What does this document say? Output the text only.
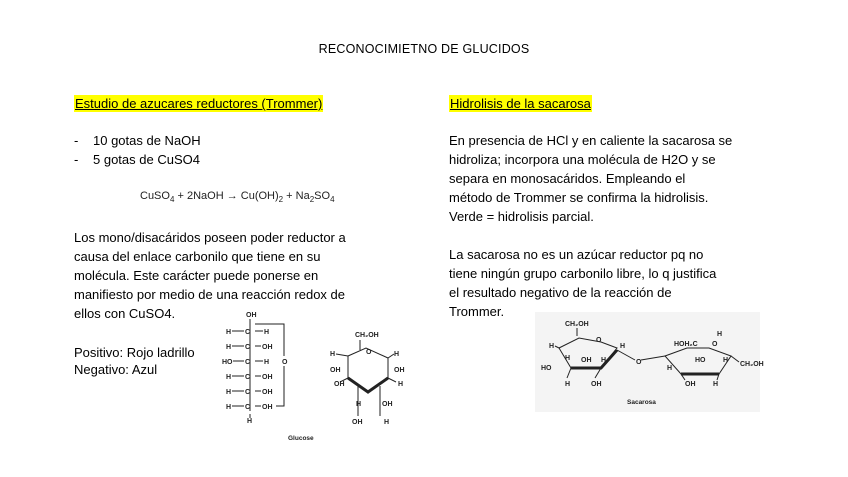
RECONOCIMIETNO DE GLUCIDOS
Estudio de azucares reductores (Trommer)
- 10 gotas de NaOH
- 5 gotas de CuSO4
CuSO$_4$ + 2NaOH → $Cu(OH)_2 + Na_2SO_4$
Los mono/disacáridos poseen poder reductor a
causa del enlace carbonilo que tiene en su
molécula. Este carácter puede ponerse en
manifiesto por medio de una reacción redox de
ellos con CuSO4.
Positivo: Rojo ladrillo
Negativo: Azul
OH
H C H
H C OH
HO C H
H C OH
H C OH
H C OH
H
O
CH₂OH
O
H	H
OH	OH
OH	H
H
OH
OH
H
Glucose
Hidrolisis de la sacarosa
En presencia de HCl y en caliente la sacarosa se
hidroliza; incorpora una molécula de H2O y se
separa en monosacáridos. Empleando el
método de Trommer se confirma la hidrolisis.
Verde = hidrolisis parcial.
La sacarosa no es un azúcar reductor pq no
tiene ningún grupo carbonilo libre, lo q justifica
el resultado negativo de la reacción de
Trommer.
CH₂OH
O
H	H
H
HO
OH H
H	OH
O
HOH₂C O
H
H
HO	H
CH₂OH
OH	H
Sacarosa
